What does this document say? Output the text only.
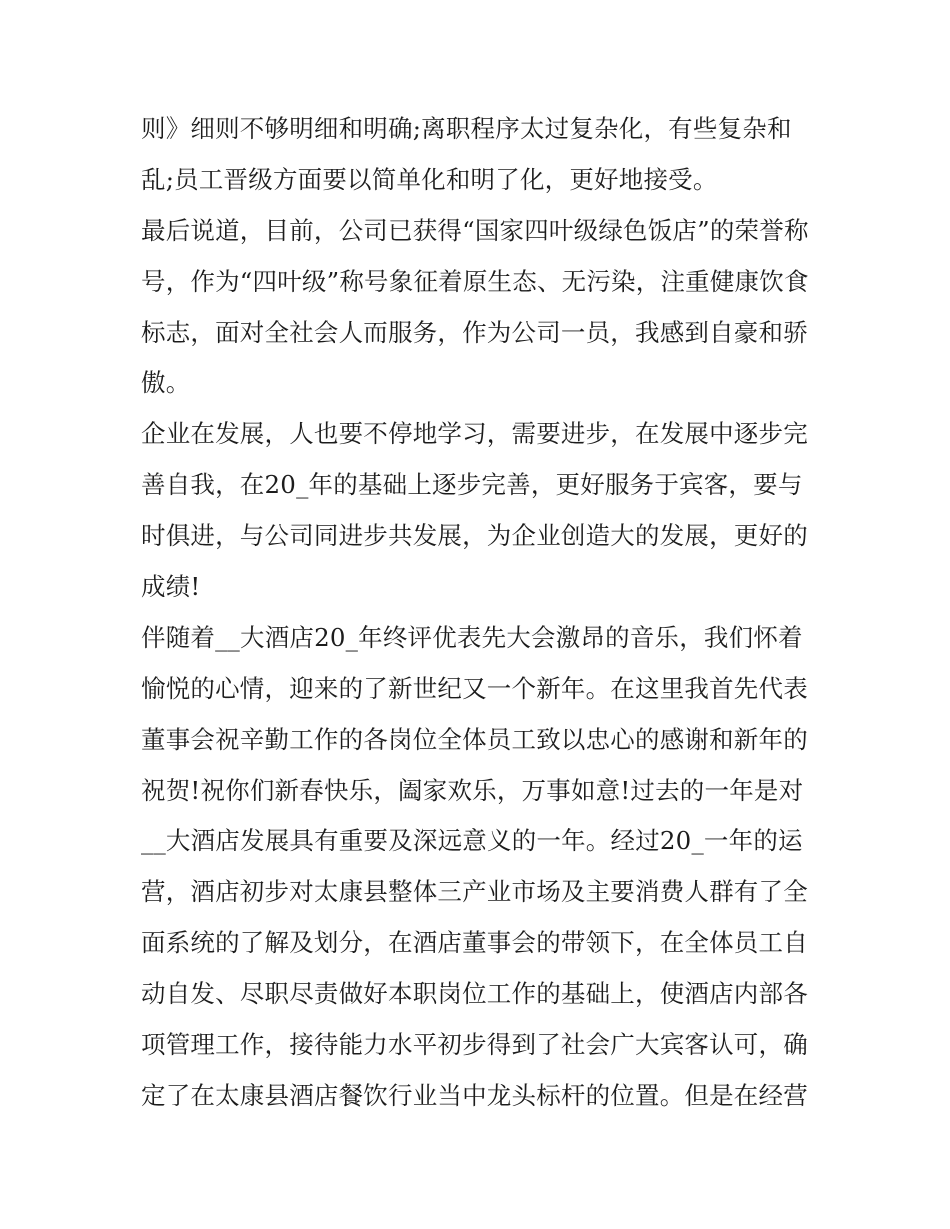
则》细则不够明细和明确;离职程序太过复杂化，有些复杂和
乱;员工晋级方面要以简单化和明了化，更好地接受。
最后说道，目前，公司已获得“国家四叶级绿色饭店”的荣誉称
号，作为“四叶级”称号象征着原生态、无污染，注重健康饮食
标志，面对全社会人而服务，作为公司一员，我感到自豪和骄
傲。
企业在发展，人也要不停地学习，需要进步，在发展中逐步完
善自我，在20_年的基础上逐步完善，更好服务于宾客，要与
时俱进，与公司同进步共发展，为企业创造大的发展，更好的
成绩!
伴随着__大酒店20_年终评优表先大会激昂的音乐，我们怀着
愉悦的心情，迎来的了新世纪又一个新年。在这里我首先代表
董事会祝辛勤工作的各岗位全体员工致以忠心的感谢和新年的
祝贺!祝你们新春快乐，阖家欢乐，万事如意!过去的一年是对
__大酒店发展具有重要及深远意义的一年。经过20_一年的运
营，酒店初步对太康县整体三产业市场及主要消费人群有了全
面系统的了解及划分，在酒店董事会的带领下，在全体员工自
动自发、尽职尽责做好本职岗位工作的基础上，使酒店内部各
项管理工作，接待能力水平初步得到了社会广大宾客认可，确
定了在太康县酒店餐饮行业当中龙头标杆的位置。但是在经营
